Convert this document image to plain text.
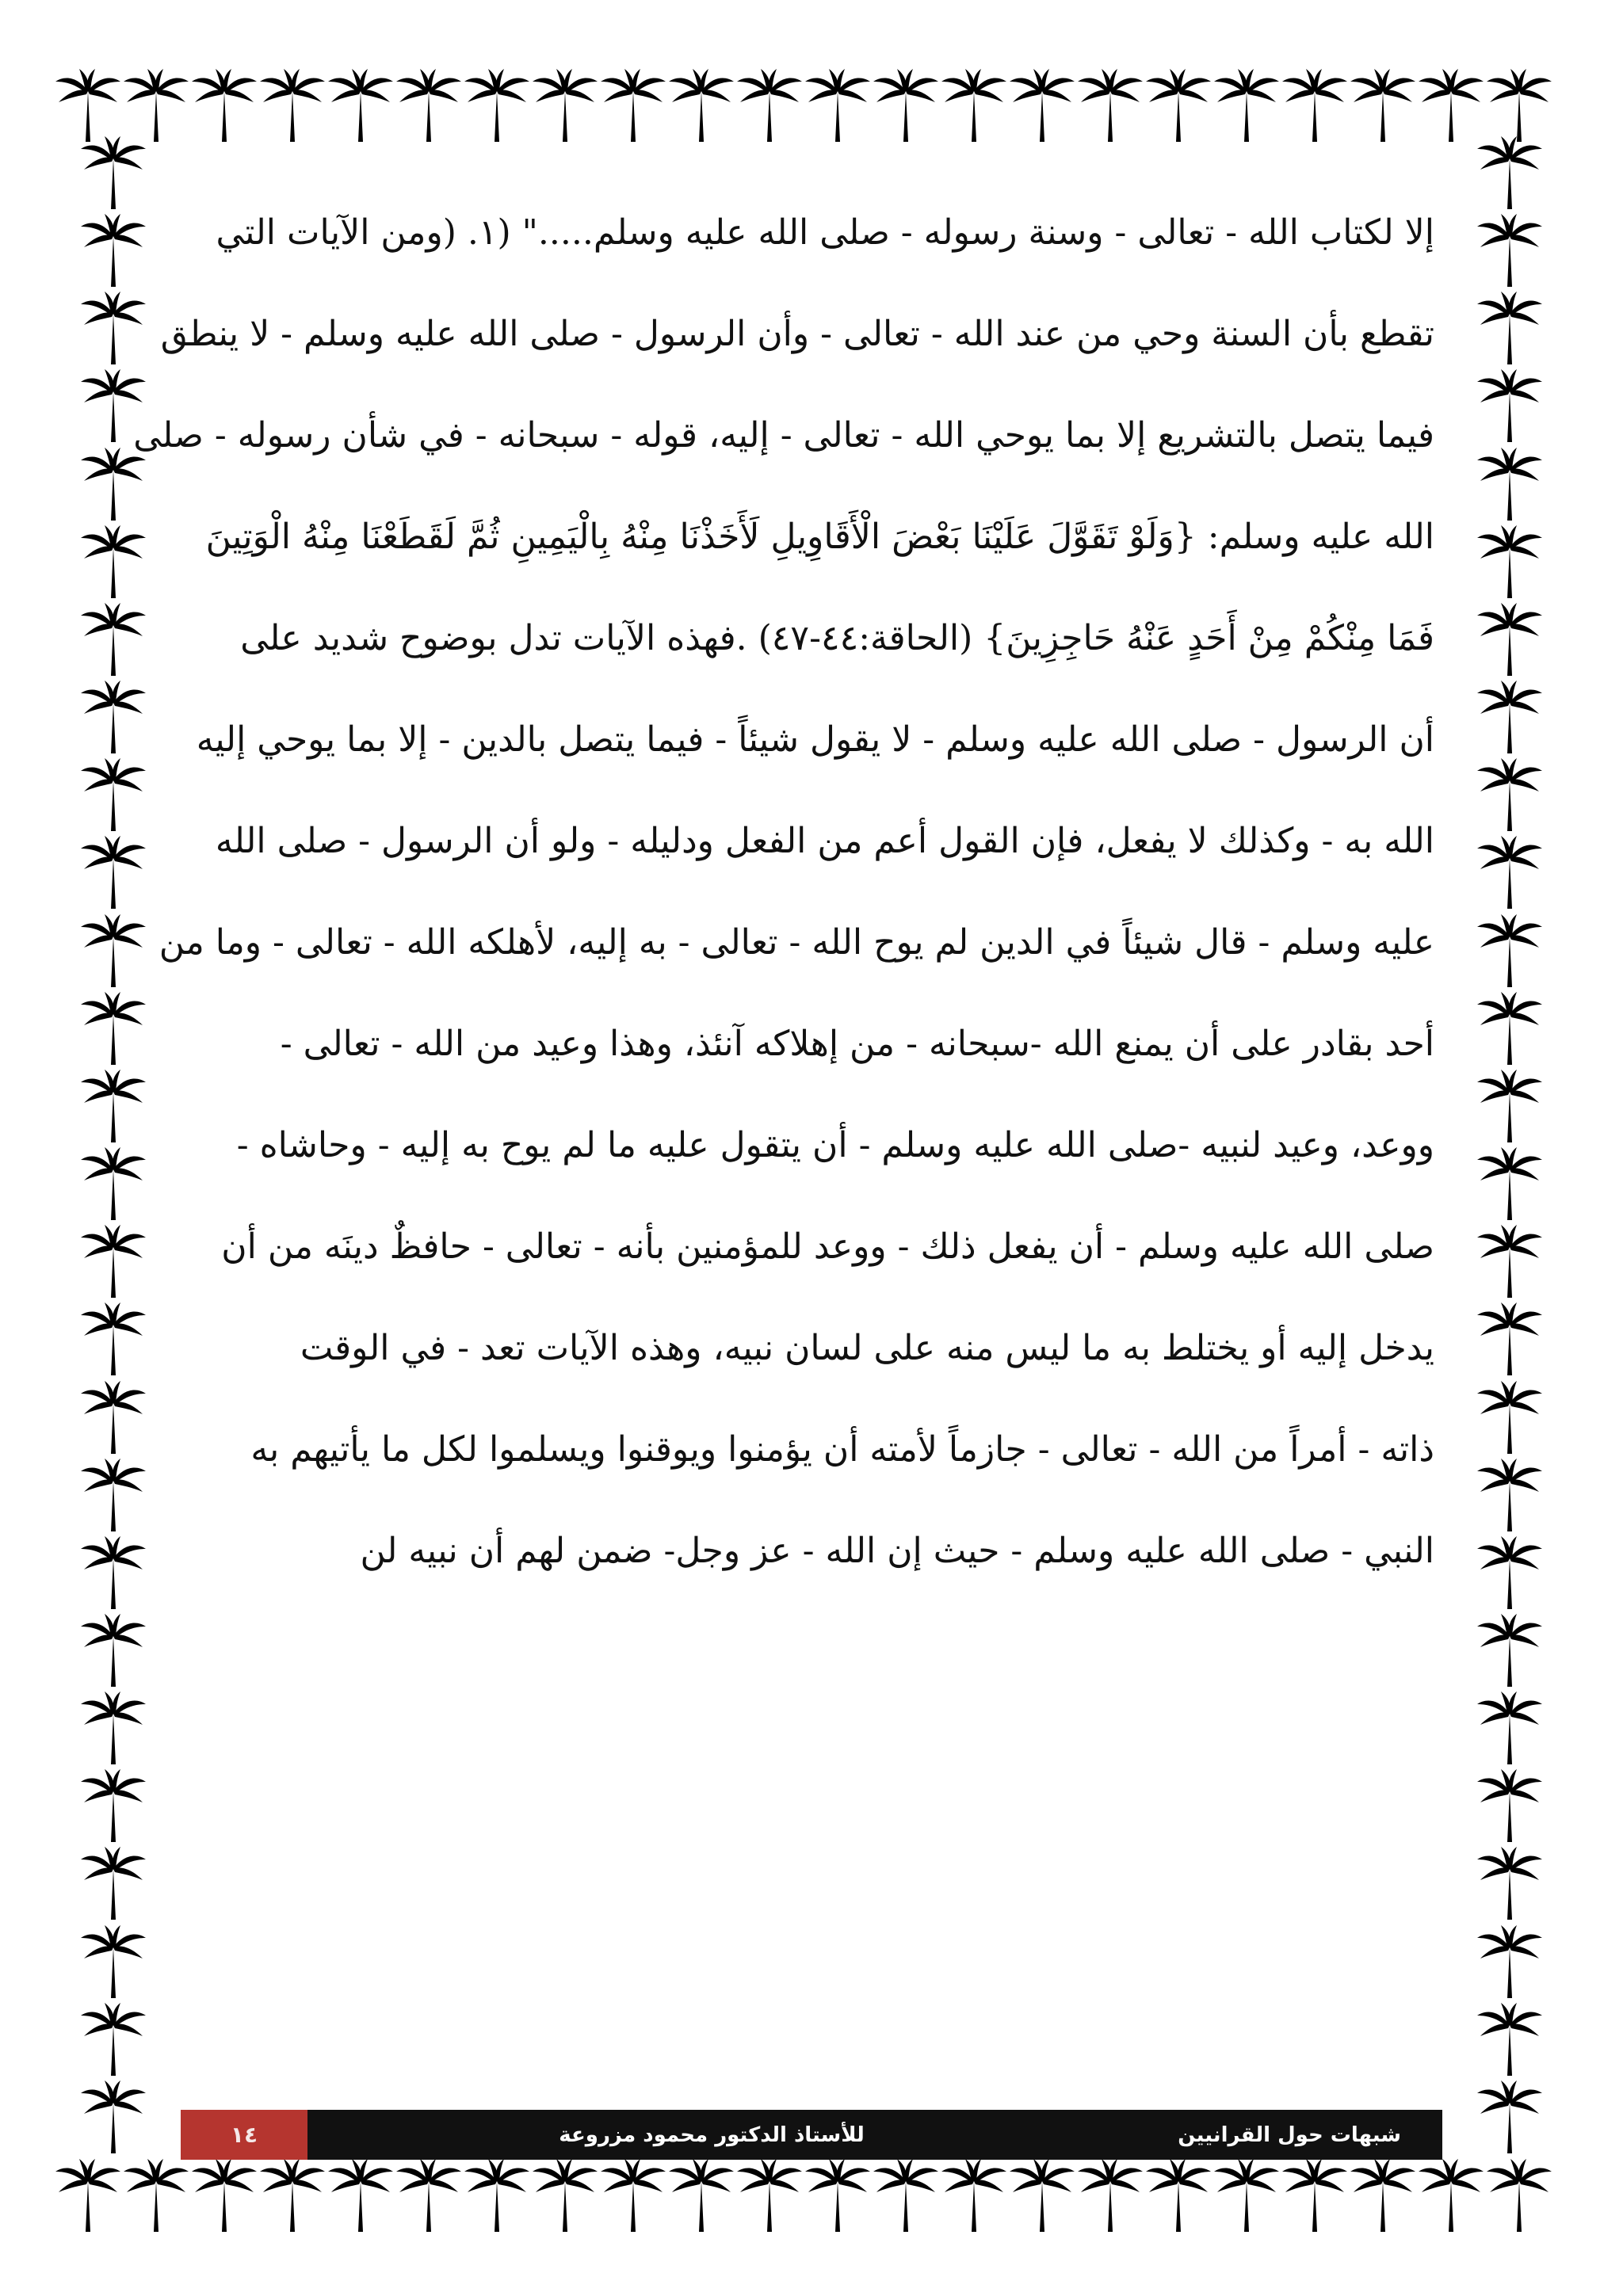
إلا لكتاب الله - تعالى - وسنة رسوله - صلى الله عليه وسلم....." (١. (ومن الآيات التي
تقطع بأن السنة وحي من عند الله - تعالى - وأن الرسول - صلى الله عليه وسلم - لا ينطق
فيما يتصل بالتشريع إلا بما يوحي الله - تعالى - إليه، قوله - سبحانه - في شأن رسوله - صلى
الله عليه وسلم: {وَلَوْ تَقَوَّلَ عَلَيْنَا بَعْضَ الْأَقَاوِيلِ لَأَخَذْنَا مِنْهُ بِالْيَمِينِ ثُمَّ لَقَطَعْنَا مِنْهُ الْوَتِينَ
فَمَا مِنْكُمْ مِنْ أَحَدٍ عَنْهُ حَاجِزِينَ} (الحاقة:٤٤-٤٧) .فهذه الآيات تدل بوضوح شديد على
أن الرسول - صلى الله عليه وسلم - لا يقول شيئاً - فيما يتصل بالدين - إلا بما يوحي إليه
الله به - وكذلك لا يفعل، فإن القول أعم من الفعل ودليله - ولو أن الرسول - صلى الله
عليه وسلم - قال شيئاً في الدين لم يوح الله - تعالى - به إليه، لأهلكه الله - تعالى - وما من
أحد بقادر على أن يمنع الله -سبحانه - من إهلاكه آنئذ، وهذا وعيد من الله - تعالى -
ووعد، وعيد لنبيه -صلى الله عليه وسلم - أن يتقول عليه ما لم يوح به إليه - وحاشاه -
صلى الله عليه وسلم - أن يفعل ذلك - ووعد للمؤمنين بأنه - تعالى - حافظٌ دينَه من أن
يدخل إليه أو يختلط به ما ليس منه على لسان نبيه، وهذه الآيات تعد - في الوقت
ذاته - أمراً من الله - تعالى - جازماً لأمته أن يؤمنوا ويوقنوا ويسلموا لكل ما يأتيهم به
النبي - صلى الله عليه وسلم - حيث إن الله - عز وجل- ضمن لهم أن نبيه لن
١٤	للأستاذ الدكتور محمود مزروعة	شبهات حول القرانيين
